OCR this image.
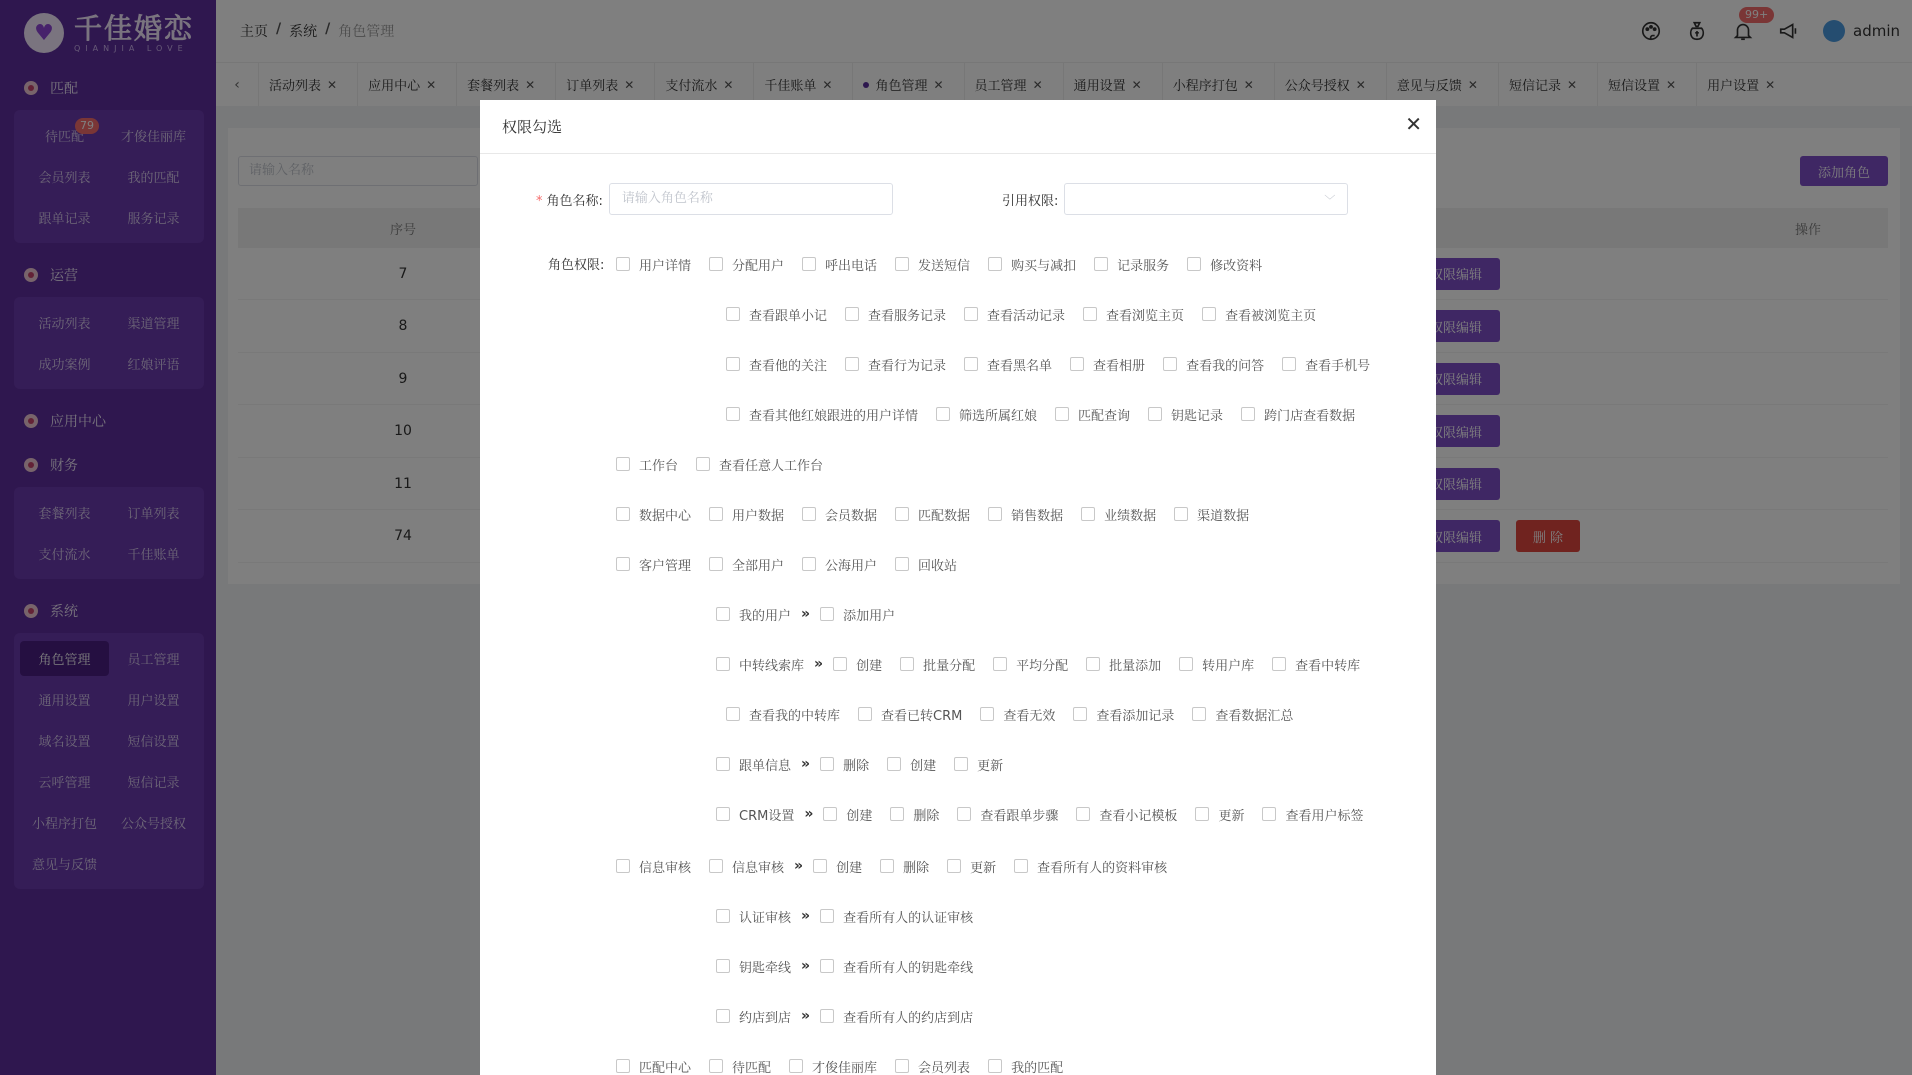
权限勾选	✕
* 角色名称:	请输入角色名称	引用权限:	﹀
角色权限:	用户详情	分配用户	呼出电话	发送短信	购买与减扣	记录服务	修改资料
查看跟单小记	查看服务记录	查看活动记录	查看浏览主页	查看被浏览主页
查看他的关注	查看行为记录	查看黑名单	查看相册	查看我的问答	查看手机号
查看其他红娘跟进的用户详情	筛选所属红娘	匹配查询	钥匙记录	跨门店查看数据
工作台	查看任意人工作台
数据中心	用户数据	会员数据	匹配数据	销售数据	业绩数据	渠道数据
客户管理	全部用户	公海用户	回收站
我的用户 »	添加用户
中转线索库 »	创建	批量分配	平均分配	批量添加	转用户库	查看中转库
查看我的中转库	查看已转CRM	查看无效	查看添加记录	查看数据汇总
跟单信息 »	删除	创建	更新
CRM设置 »	创建	删除	查看跟单步骤	查看小记模板	更新	查看用户标签
信息审核	信息审核 »	创建	删除	更新	查看所有人的资料审核
认证审核 »	查看所有人的认证审核
钥匙牵线 »	查看所有人的钥匙牵线
约店到店 »	查看所有人的约店到店
匹配中心	待匹配	才俊佳丽库	会员列表	我的匹配
